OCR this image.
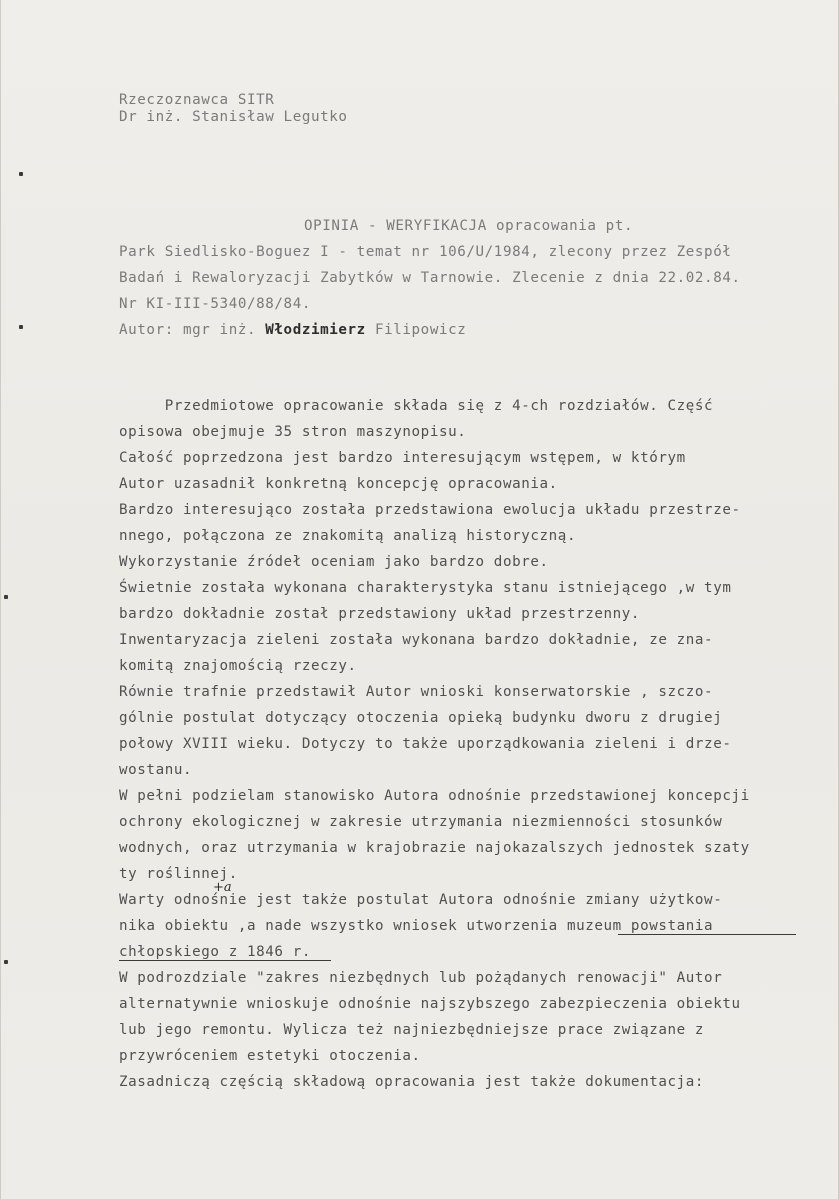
Rzeczoznawca SITR
Dr inż. Stanisław Legutko
OPINIA - WERYFIKACJA opracowania pt.
Park Siedlisko-Boguez I - temat nr 106/U/1984, zlecony przez Zespół
Badań i Rewaloryzacji Zabytków w Tarnowie. Zlecenie z dnia 22.02.84.
Nr KI-III-5340/88/84.
Autor: mgr inż. Włodzimierz Filipowicz
Przedmiotowe opracowanie składa się z 4-ch rozdziałów. Część
opisowa obejmuje 35 stron maszynopisu.
Całość poprzedzona jest bardzo interesującym wstępem, w którym
Autor uzasadnił konkretną koncepcję opracowania.
Bardzo interesująco została przedstawiona ewolucja układu przestrze-
nnego, połączona ze znakomitą analizą historyczną.
Wykorzystanie źródeł oceniam jako bardzo dobre.
Świetnie została wykonana charakterystyka stanu istniejącego ,w tym
bardzo dokładnie został przedstawiony układ przestrzenny.
Inwentaryzacja zieleni została wykonana bardzo dokładnie, ze zna-
komitą znajomością rzeczy.
Równie trafnie przedstawił Autor wnioski konserwatorskie , szczo-
gólnie postulat dotyczący otoczenia opieką budynku dworu z drugiej
połowy XVIII wieku. Dotyczy to także uporządkowania zieleni i drze-
wostanu.
W pełni podzielam stanowisko Autora odnośnie przedstawionej koncepcji
ochrony ekologicznej w zakresie utrzymania niezmienności stosunków
wodnych, oraz utrzymania w krajobrazie najokazalszych jednostek szaty
ty roślinnej.
Warty odnośnie jest także postulat Autora odnośnie zmiany użytkow-
nika obiektu ,a nade wszystko wniosek utworzenia muzeum powstania
chłopskiego z 1846 r.
W podrozdziale "zakres niezbędnych lub pożądanych renowacji" Autor
alternatywnie wnioskuje odnośnie najszybszego zabezpieczenia obiektu
lub jego remontu. Wylicza też najniezbędniejsze prace związane z
przywróceniem estetyki otoczenia.
Zasadniczą częścią składową opracowania jest także dokumentacja:
+a
